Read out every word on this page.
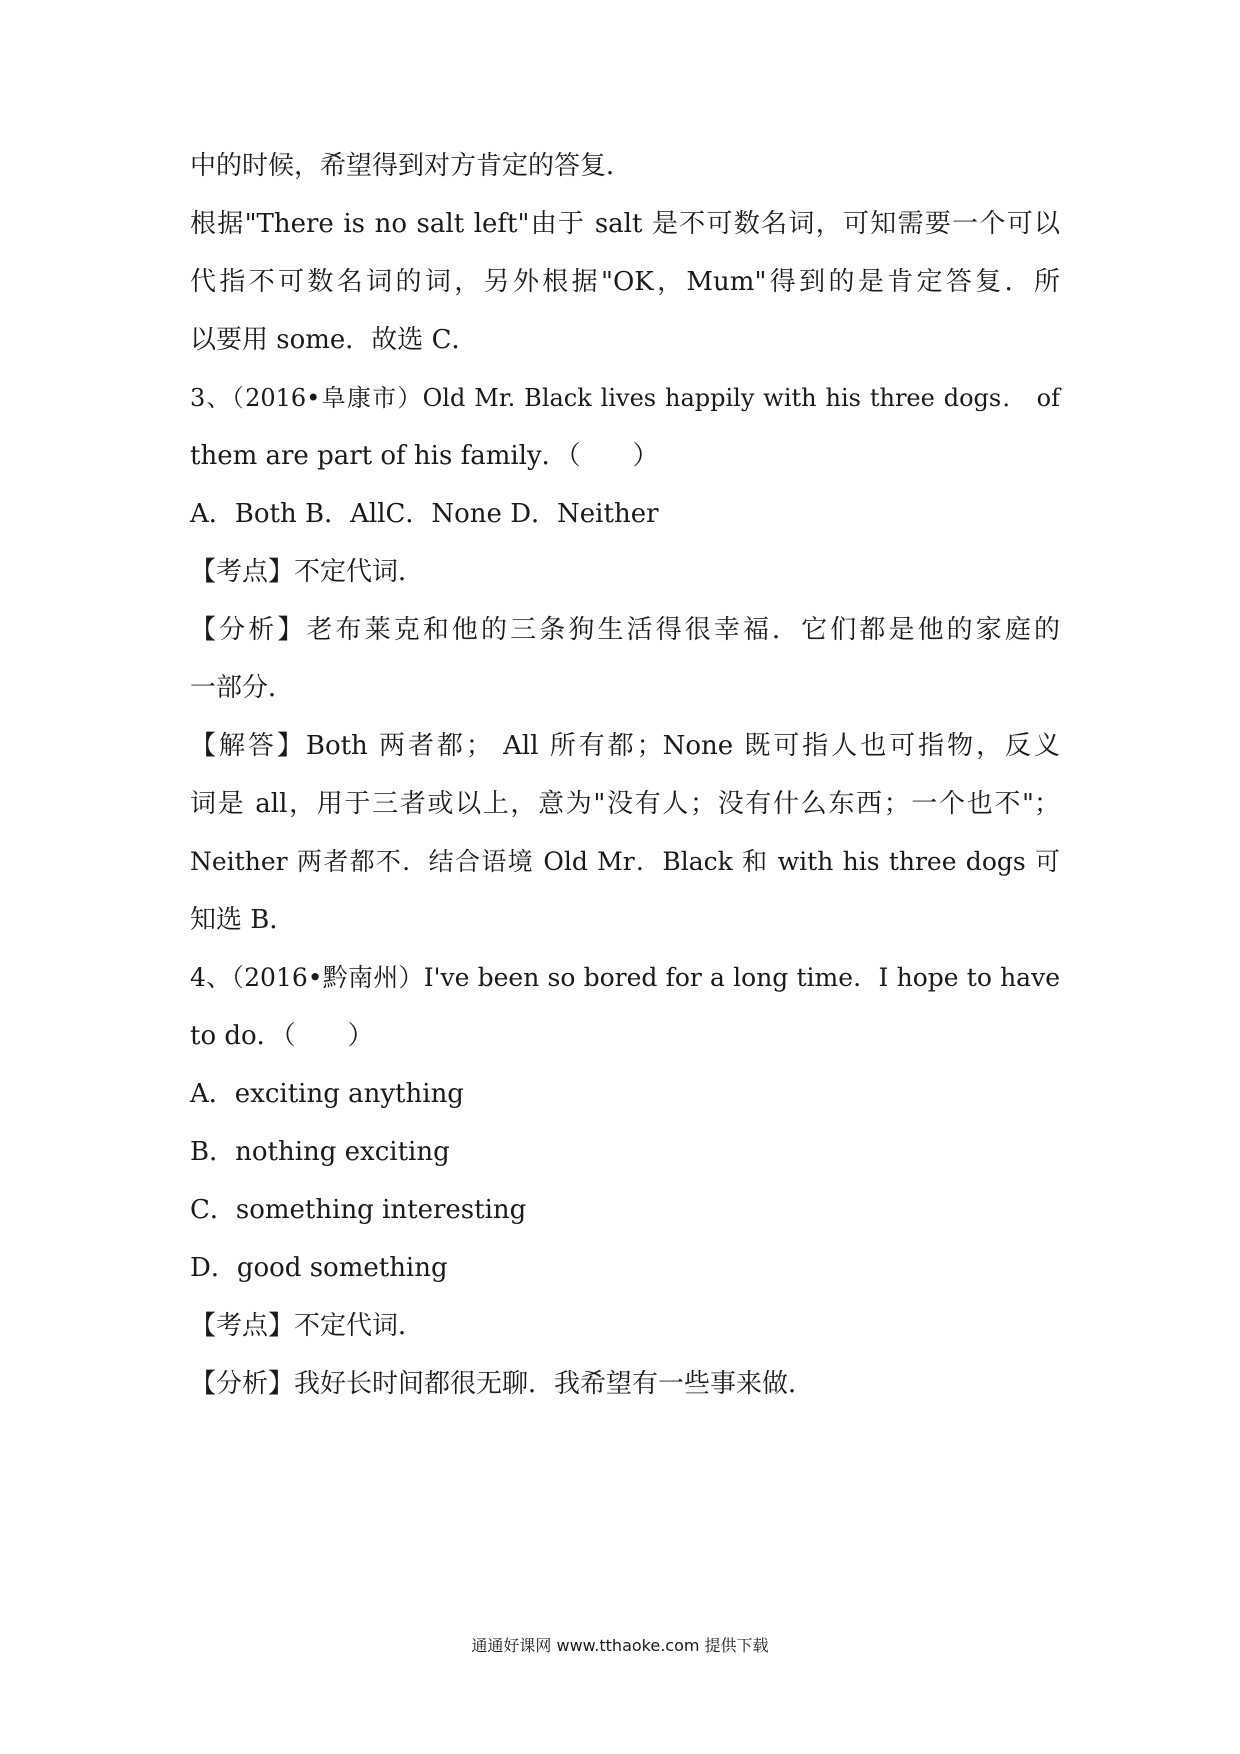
中的时候，希望得到对方肯定的答复．
根据"There is no salt left"由于 salt 是不可数名词，可知需要一个可以
代指不可数名词的词，另外根据"OK，Mum"得到的是肯定答复．所
以要用 some．故选 C．
3、（2016•阜康市）Old Mr. Black lives happily with his three dogs． of
them are part of his family．（　　）
A．Both B．AllC．None D．Neither
【考点】不定代词．
【分析】老布莱克和他的三条狗生活得很幸福．它们都是他的家庭的
一部分．
【解答】Both 两者都； All 所有都；None 既可指人也可指物，反义
词是 all，用于三者或以上，意为"没有人；没有什么东西；一个也不"；
Neither 两者都不．结合语境 Old Mr．Black 和 with his three dogs 可
知选 B．
4、（2016•黔南州）I've been so bored for a long time．I hope to have
to do．（　　）
A．exciting anything
B．nothing exciting
C．something interesting
D．good something
【考点】不定代词．
【分析】我好长时间都很无聊．我希望有一些事来做．
通通好课网 www.tthaoke.com 提供下载
